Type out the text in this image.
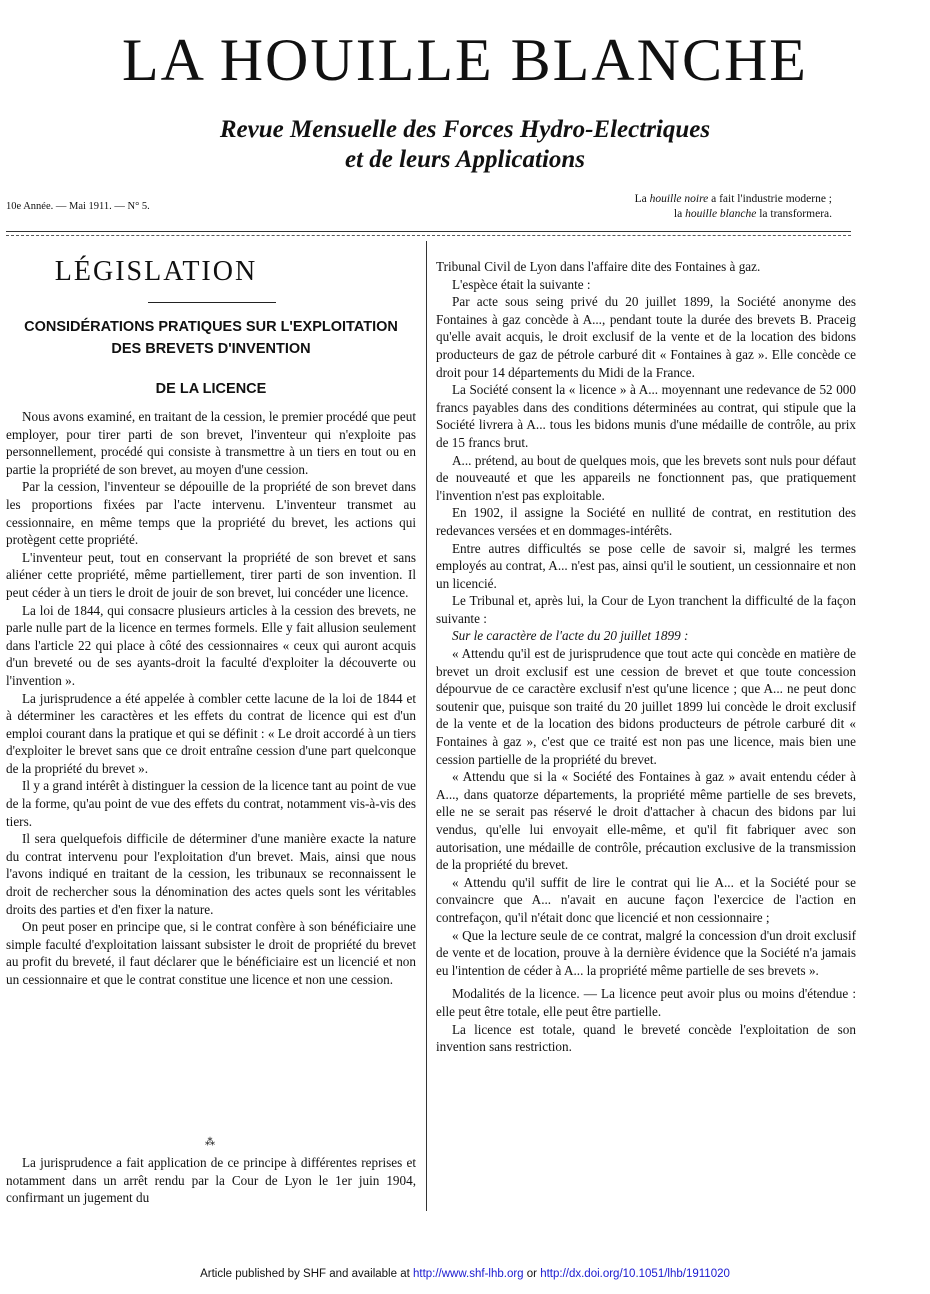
LA HOUILLE BLANCHE
Revue Mensuelle des Forces Hydro-Electriques
et de leurs Applications
10e Année. — Mai 1911. — N° 5.
La houille noire a fait l'industrie moderne ;
la houille blanche la transformera.
LÉGISLATION
CONSIDÉRATIONS PRATIQUES SUR L'EXPLOITATION
DES BREVETS D'INVENTION
DE LA LICENCE

Nous avons examiné, en traitant de la cession, le premier procédé que peut employer, pour tirer parti de son brevet, l'inventeur qui n'exploite pas personnellement, procédé qui consiste à transmettre à un tiers en tout ou en partie la propriété de son brevet, au moyen d'une cession.

Par la cession, l'inventeur se dépouille de la propriété de son brevet dans les proportions fixées par l'acte intervenu. L'inventeur transmet au cessionnaire, en même temps que la propriété du brevet, les actions qui protègent cette propriété.

L'inventeur peut, tout en conservant la propriété de son brevet et sans aliéner cette propriété, même partiellement, tirer parti de son invention. Il peut céder à un tiers le droit de jouir de son brevet, lui concéder une licence.

La loi de 1844, qui consacre plusieurs articles à la cession des brevets, ne parle nulle part de la licence en termes formels. Elle y fait allusion seulement dans l'article 22 qui place à côté des cessionnaires « ceux qui auront acquis d'un breveté ou de ses ayants-droit la faculté d'exploiter la découverte ou l'invention ».

La jurisprudence a été appelée à combler cette lacune de la loi de 1844 et à déterminer les caractères et les effets du contrat de licence qui est d'un emploi courant dans la pratique et qui se définit : « Le droit accordé à un tiers d'exploiter le brevet sans que ce droit entraîne cession d'une part quelconque de la propriété du brevet ».

Il y a grand intérêt à distinguer la cession de la licence tant au point de vue de la forme, qu'au point de vue des effets du contrat, notamment vis-à-vis des tiers.

Il sera quelquefois difficile de déterminer d'une manière exacte la nature du contrat intervenu pour l'exploitation d'un brevet. Mais, ainsi que nous l'avons indiqué en traitant de la cession, les tribunaux se reconnaissent le droit de rechercher sous la dénomination des actes quels sont les véritables droits des parties et d'en fixer la nature.

On peut poser en principe que, si le contrat confère à son bénéficiaire une simple faculté d'exploitation laissant subsister le droit de propriété du brevet au profit du breveté, il faut déclarer que le bénéficiaire est un licencié et non un cessionnaire et que le contrat constitue une licence et non une cession.

⁂

La jurisprudence a fait application de ce principe à différentes reprises et notamment dans un arrêt rendu par la Cour de Lyon le 1er juin 1904, confirmant un jugement du

Tribunal Civil de Lyon dans l'affaire dite des Fontaines à gaz.

L'espèce était la suivante :

Par acte sous seing privé du 20 juillet 1899, la Société anonyme des Fontaines à gaz concède à A..., pendant toute la durée des brevets B. Praceig qu'elle avait acquis, le droit exclusif de la vente et de la location des bidons producteurs de gaz de pétrole carburé dit « Fontaines à gaz ». Elle concède ce droit pour 14 départements du Midi de la France.

La Société consent la « licence » à A... moyennant une redevance de 52 000 francs payables dans des conditions déterminées au contrat, qui stipule que la Société livrera à A... tous les bidons munis d'une médaille de contrôle, au prix de 15 francs brut.

A... prétend, au bout de quelques mois, que les brevets sont nuls pour défaut de nouveauté et que les appareils ne fonctionnent pas, que pratiquement l'invention n'est pas exploitable.

En 1902, il assigne la Société en nullité de contrat, en restitution des redevances versées et en dommages-intérêts.

Entre autres difficultés se pose celle de savoir si, malgré les termes employés au contrat, A... n'est pas, ainsi qu'il le soutient, un cessionnaire et non un licencié.

Le Tribunal et, après lui, la Cour de Lyon tranchent la difficulté de la façon suivante :

Sur le caractère de l'acte du 20 juillet 1899 :

« Attendu qu'il est de jurisprudence que tout acte qui concède en matière de brevet un droit exclusif est une cession de brevet et que toute concession dépourvue de ce caractère exclusif n'est qu'une licence ; que A... ne peut donc soutenir que, puisque son traité du 20 juillet 1899 lui concède le droit exclusif de la vente et de la location des bidons producteurs de pétrole carburé dit « Fontaines à gaz », c'est que ce traité est non pas une licence, mais bien une cession partielle de la propriété du brevet.

« Attendu que si la « Société des Fontaines à gaz » avait entendu céder à A..., dans quatorze départements, la propriété même partielle de ses brevets, elle ne se serait pas réservé le droit d'attacher à chacun des bidons par lui vendus, qu'elle lui envoyait elle-même, et qu'il fit fabriquer avec son autorisation, une médaille de contrôle, précaution exclusive de la transmission de la propriété du brevet.

« Attendu qu'il suffit de lire le contrat qui lie A... et la Société pour se convaincre que A... n'avait en aucune façon l'exercice de l'action en contrefaçon, qu'il n'était donc que licencié et non cessionnaire ;

« Que la lecture seule de ce contrat, malgré la concession d'un droit exclusif de vente et de location, prouve à la dernière évidence que la Société n'a jamais eu l'intention de céder à A... la propriété même partielle de ses brevets ».

Modalités de la licence. — La licence peut avoir plus ou moins d'étendue : elle peut être totale, elle peut être partielle.

La licence est totale, quand le breveté concède l'exploitation de son invention sans restriction.

Article published by SHF and available at http://www.shf-lhb.org or http://dx.doi.org/10.1051/lhb/1911020
